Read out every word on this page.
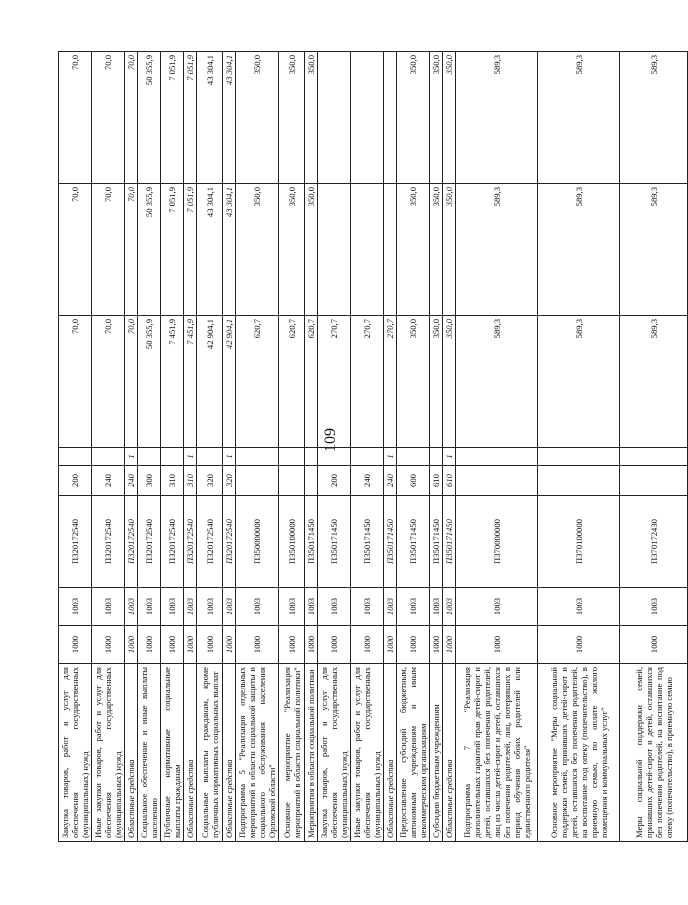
109
Закупка товаров, работ и услуг для обеспечения государственных (муниципальных) нужд	1000	1003	П320172540	200		70,0	70,0	70,0
Иные закупки товаров, работ и услуг для обеспечения государственных (муниципальных) нужд	1000	1003	П320172540	240		70,0	70,0	70,0
Областные средства	1000	1003	П320172540	240	1	70,0	70,0	70,0
Социальное обеспечение и иные выплаты населению	1000	1003	П320172540	300		50 355,9	50 355,9	50 355,9
Публичные нормативные социальные выплаты гражданам	1000	1003	П320172540	310		7 451,9	7 051,9	7 051,9
Областные средства	1000	1003	П320172540	310	1	7 451,9	7 051,9	7 051,9
Социальные выплаты гражданам, кроме публичных нормативных социальных выплат	1000	1003	П320172540	320		42 904,1	43 304,1	43 304,1
Областные средства	1000	1003	П320172540	320	1	42 904,1	43 304,1	43 304,1
Подпрограмма 5 "Реализация отдельных мероприятий в области социальной защиты и социального обслуживания населения Орловской области"	1000	1003	П350000000			620,7	350,0	350,0
Основное мероприятие "Реализация мероприятий в области социальной политики"	1000	1003	П350100000			620,7	350,0	350,0
Мероприятия в области социальной политики	1000	1003	П350171450			620,7	350,0	350,0
Закупка товаров, работ и услуг для обеспечения государственных (муниципальных) нужд	1000	1003	П350171450	200		270,7		
Иные закупки товаров, работ и услуг для обеспечения государственных (муниципальных) нужд	1000	1003	П350171450	240		270,7		
Областные средства	1000	1003	П350171450	240	1	270,7		
Предоставление субсидий бюджетным, автономным учреждениям и иным некоммерческим организациям	1000	1003	П350171450	600		350,0	350,0	350,0
Субсидии бюджетным учреждениям	1000	1003	П350171450	610		350,0	350,0	350,0
Областные средства	1000	1003	П350171450	610	1	350,0	350,0	350,0
Подпрограмма 7 "Реализация дополнительных гарантий прав детей-сирот и детей, оставшихся без попечения родителей, лиц из числа детей-сирот и детей, оставшихся без попечения родителей, лиц, потерявших в период обучения обоих родителей или единственного родителя"	1000	1003	П370000000			589,3	589,3	589,3
Основное мероприятие "Меры социальной поддержки семей, принявших детей-сирот и детей, оставшихся без попечения родителей, на воспитание под опеку (попечительство), в приемную семью, по оплате жилого помещения и коммунальных услуг"	1000	1003	П370100000			589,3	589,3	589,3
Меры социальной поддержки семей, принявших детей-сирот и детей, оставшихся без попечения родителей, на воспитание под опеку (попечительство), в приемную семью	1000	1003	П370172430			589,3	589,3	589,3
